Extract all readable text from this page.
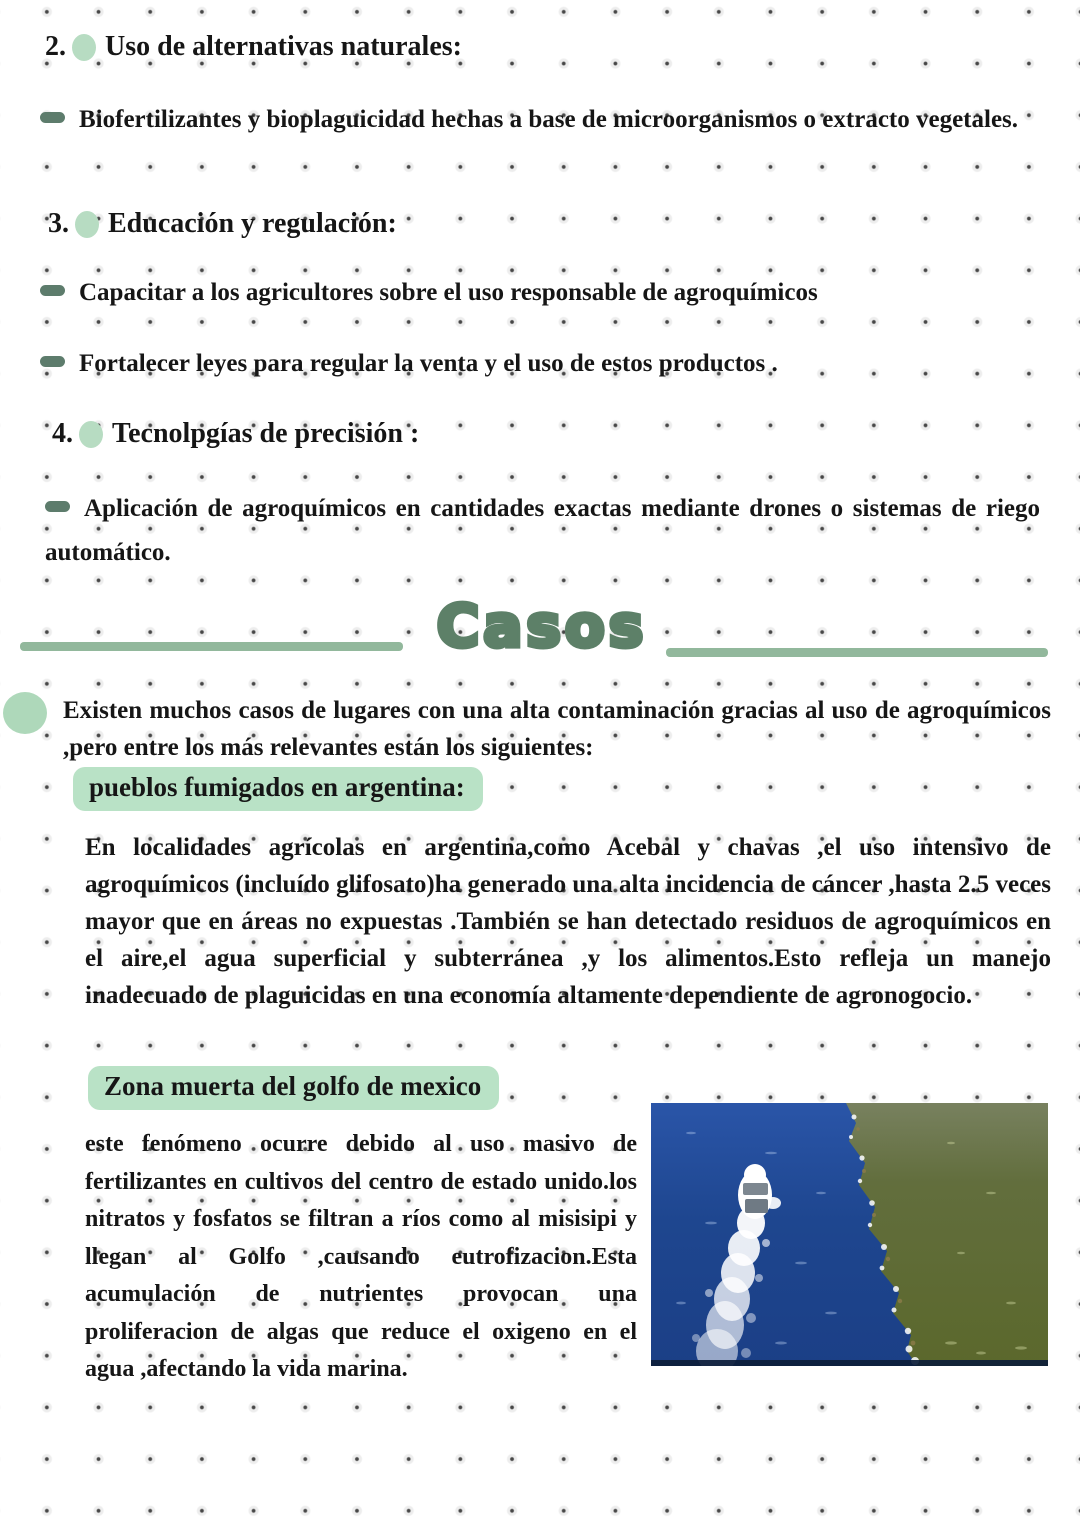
2. Uso de alternativas naturales:
Biofertilizantes y bioplaguicidad hechas a base de microorganismos o extracto vegetales.
3. Educación y regulación:
Capacitar a los agricultores sobre el uso responsable de agroquímicos
Fortalecer leyes para regular la venta y el uso de estos productos .
4. Tecnolpgías de precisión :
Aplicación de agroquímicos en cantidades exactas mediante drones o sistemas de riego automático.
Casos
Existen muchos casos de lugares con una alta contaminación gracias al uso de agroquímicos ,pero entre los más relevantes están los siguientes:
pueblos fumigados en argentina:
En localidades agrícolas en argentina,como Acebal y chavas ,el uso intensivo de agroquímicos (incluído glifosato)ha generado una alta incidencia de cáncer ,hasta 2.5 veces mayor que en áreas no expuestas .También se han detectado residuos de agroquímicos en el aire,el agua superficial y subterránea ,y los alimentos.Esto refleja un manejo inadecuado de plaguicidas en una economía altamente dependiente de agronogocio.
Zona muerta del golfo de mexico
este fenómeno ocurre debido al uso masivo de fertilizantes en cultivos del centro de estado unido.los nitratos y fosfatos se filtran a ríos como al misisipi y llegan al Golfo ,causando eutrofizacion.Esta acumulación de nutrientes provocan una proliferacion de algas que reduce el oxigeno en el agua ,afectando la vida marina.
